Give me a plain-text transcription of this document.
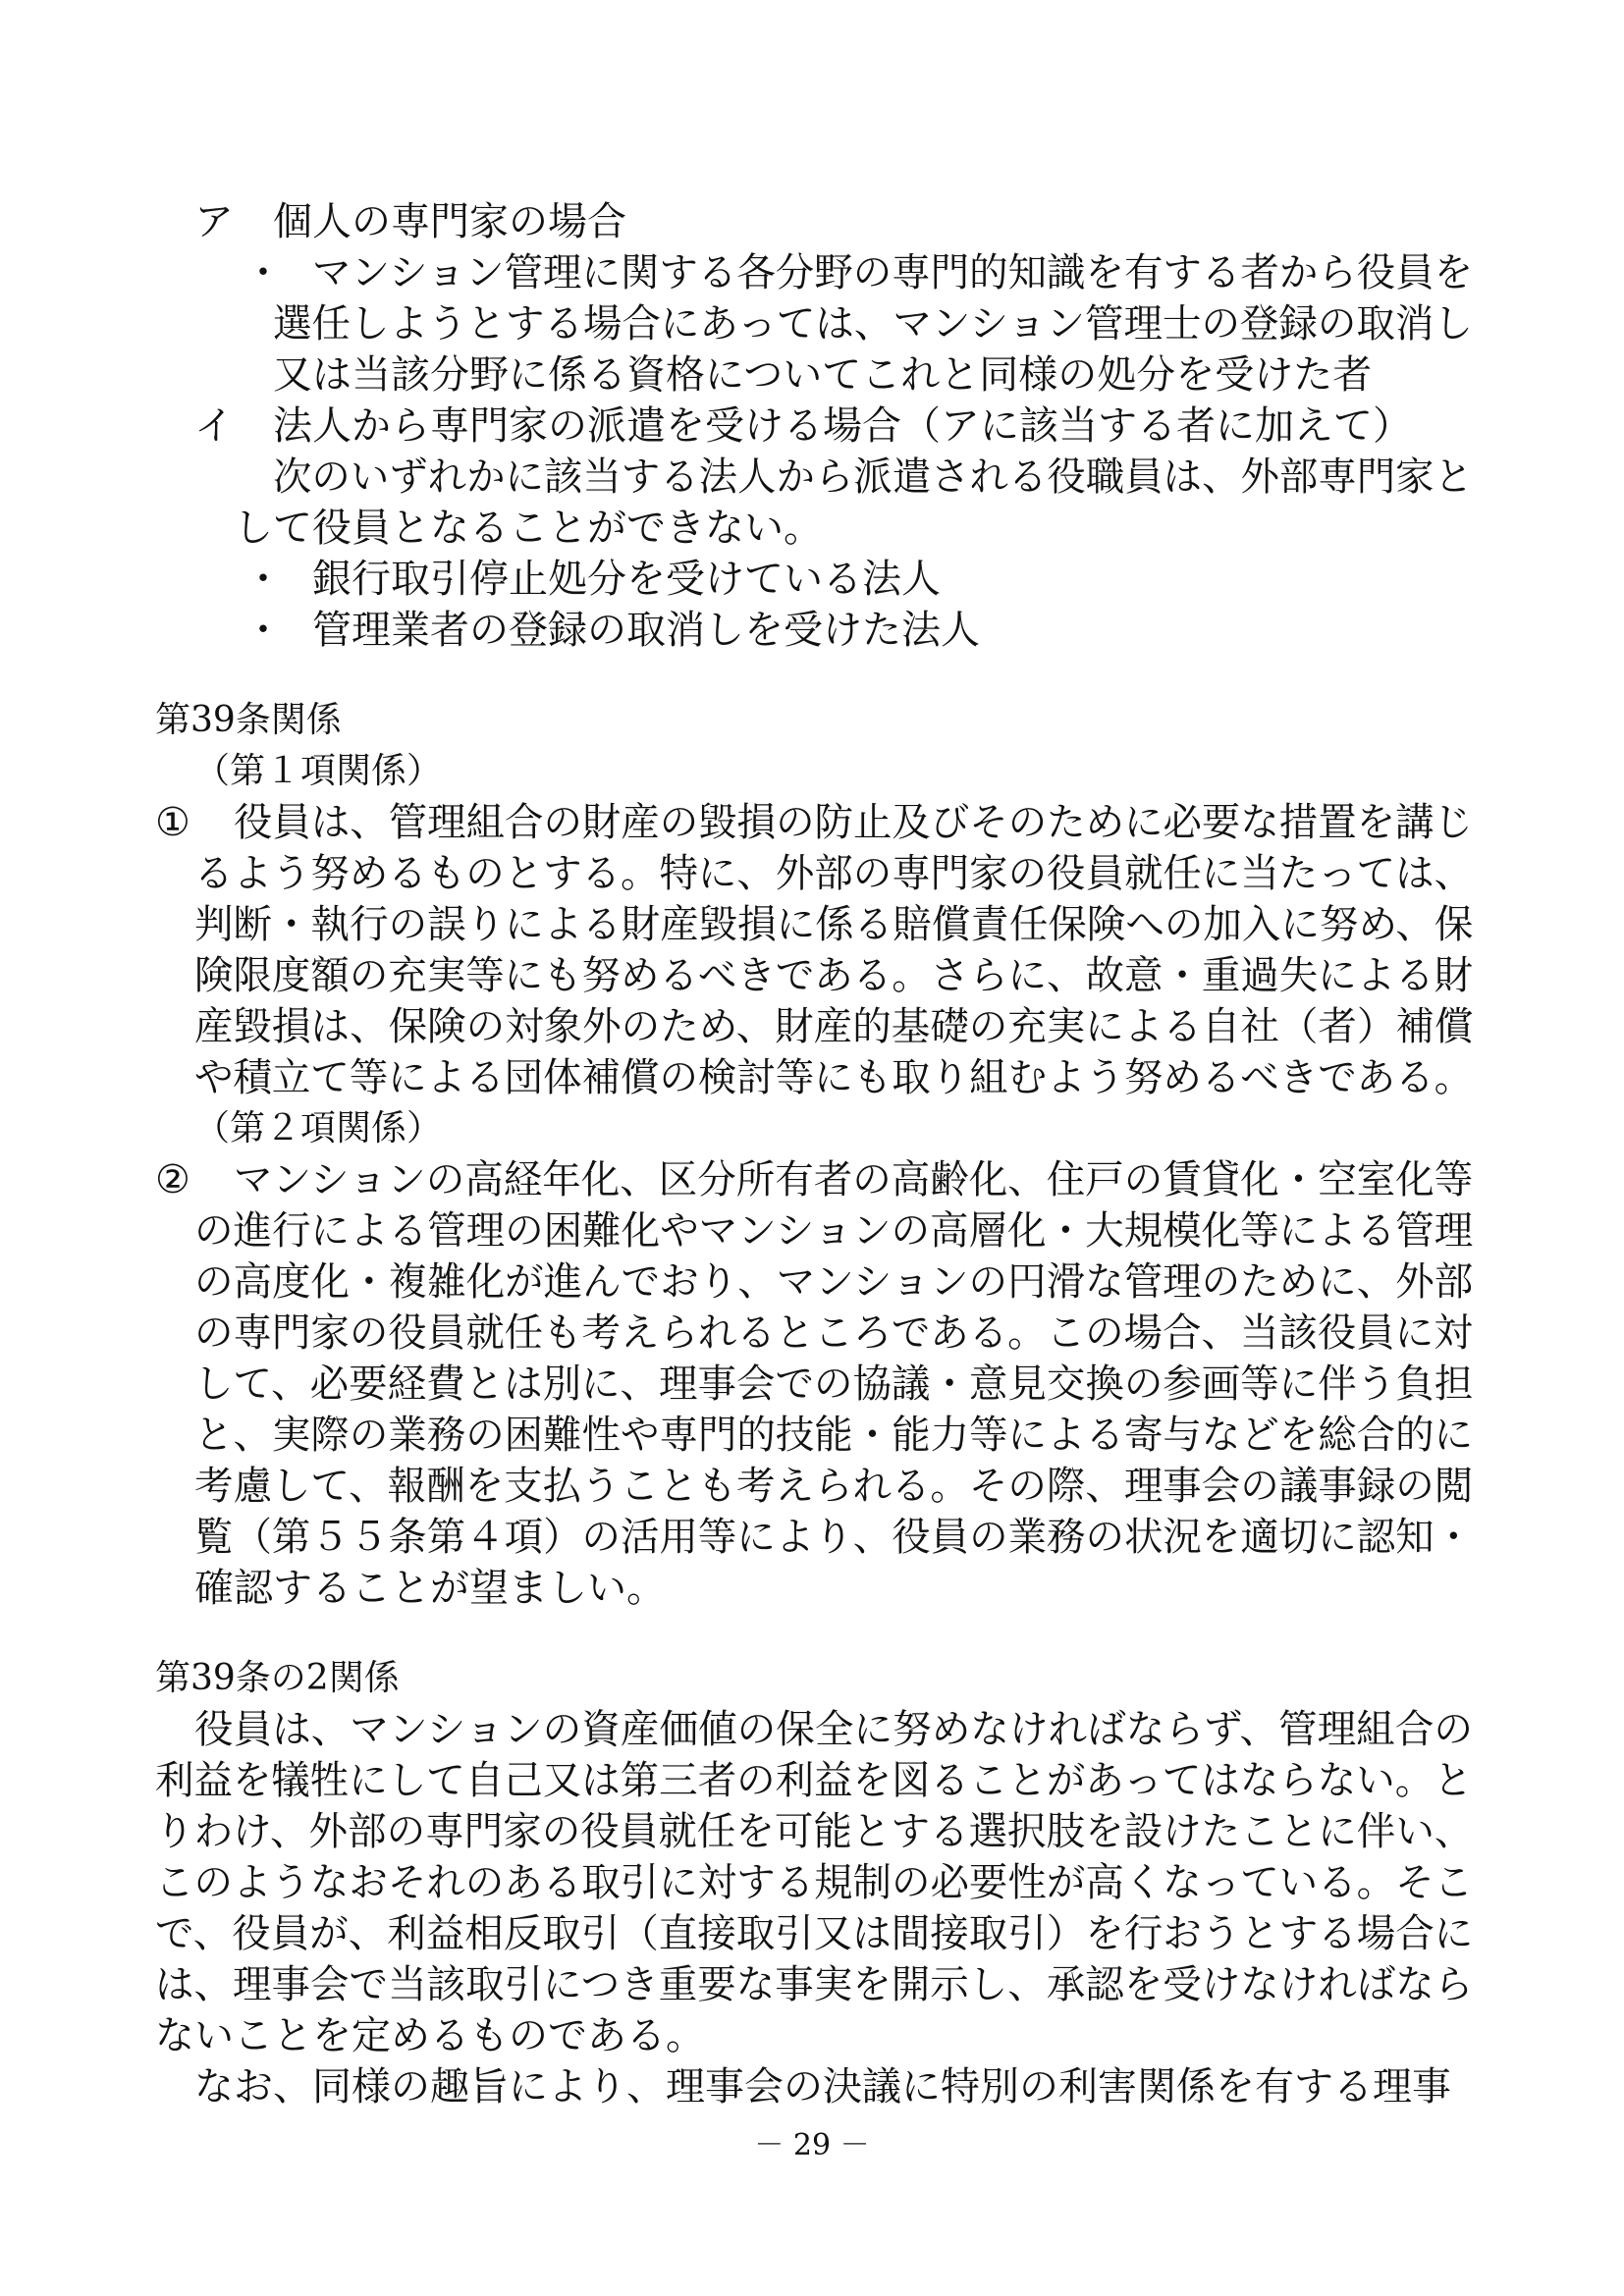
ア 個人の専門家の場合
・ マンション管理に関する各分野の専門的知識を有する者から役員を
選任しようとする場合にあっては、マンション管理士の登録の取消し
又は当該分野に係る資格についてこれと同様の処分を受けた者
イ 法人から専門家の派遣を受ける場合（アに該当する者に加えて）
次のいずれかに該当する法人から派遣される役職員は、外部専門家と
して役員となることができない。
・ 銀行取引停止処分を受けている法人
・ 管理業者の登録の取消しを受けた法人
第39条関係
（第１項関係）
① 役員は、管理組合の財産の毀損の防止及びそのために必要な措置を講じ
るよう努めるものとする。特に、外部の専門家の役員就任に当たっては、
判断・執行の誤りによる財産毀損に係る賠償責任保険への加入に努め、保
険限度額の充実等にも努めるべきである。さらに、故意・重過失による財
産毀損は、保険の対象外のため、財産的基礎の充実による自社（者）補償
や積立て等による団体補償の検討等にも取り組むよう努めるべきである。
（第２項関係）
② マンションの高経年化、区分所有者の高齢化、住戸の賃貸化・空室化等
の進行による管理の困難化やマンションの高層化・大規模化等による管理
の高度化・複雑化が進んでおり、マンションの円滑な管理のために、外部
の専門家の役員就任も考えられるところである。この場合、当該役員に対
して、必要経費とは別に、理事会での協議・意見交換の参画等に伴う負担
と、実際の業務の困難性や専門的技能・能力等による寄与などを総合的に
考慮して、報酬を支払うことも考えられる。その際、理事会の議事録の閲
覧（第５５条第４項）の活用等により、役員の業務の状況を適切に認知・
確認することが望ましい。
第39条の2関係
役員は、マンションの資産価値の保全に努めなければならず、管理組合の
利益を犠牲にして自己又は第三者の利益を図ることがあってはならない。と
りわけ、外部の専門家の役員就任を可能とする選択肢を設けたことに伴い、
このようなおそれのある取引に対する規制の必要性が高くなっている。そこ
で、役員が、利益相反取引（直接取引又は間接取引）を行おうとする場合に
は、理事会で当該取引につき重要な事実を開示し、承認を受けなければなら
ないことを定めるものである。
なお、同様の趣旨により、理事会の決議に特別の利害関係を有する理事
－ 29 －
